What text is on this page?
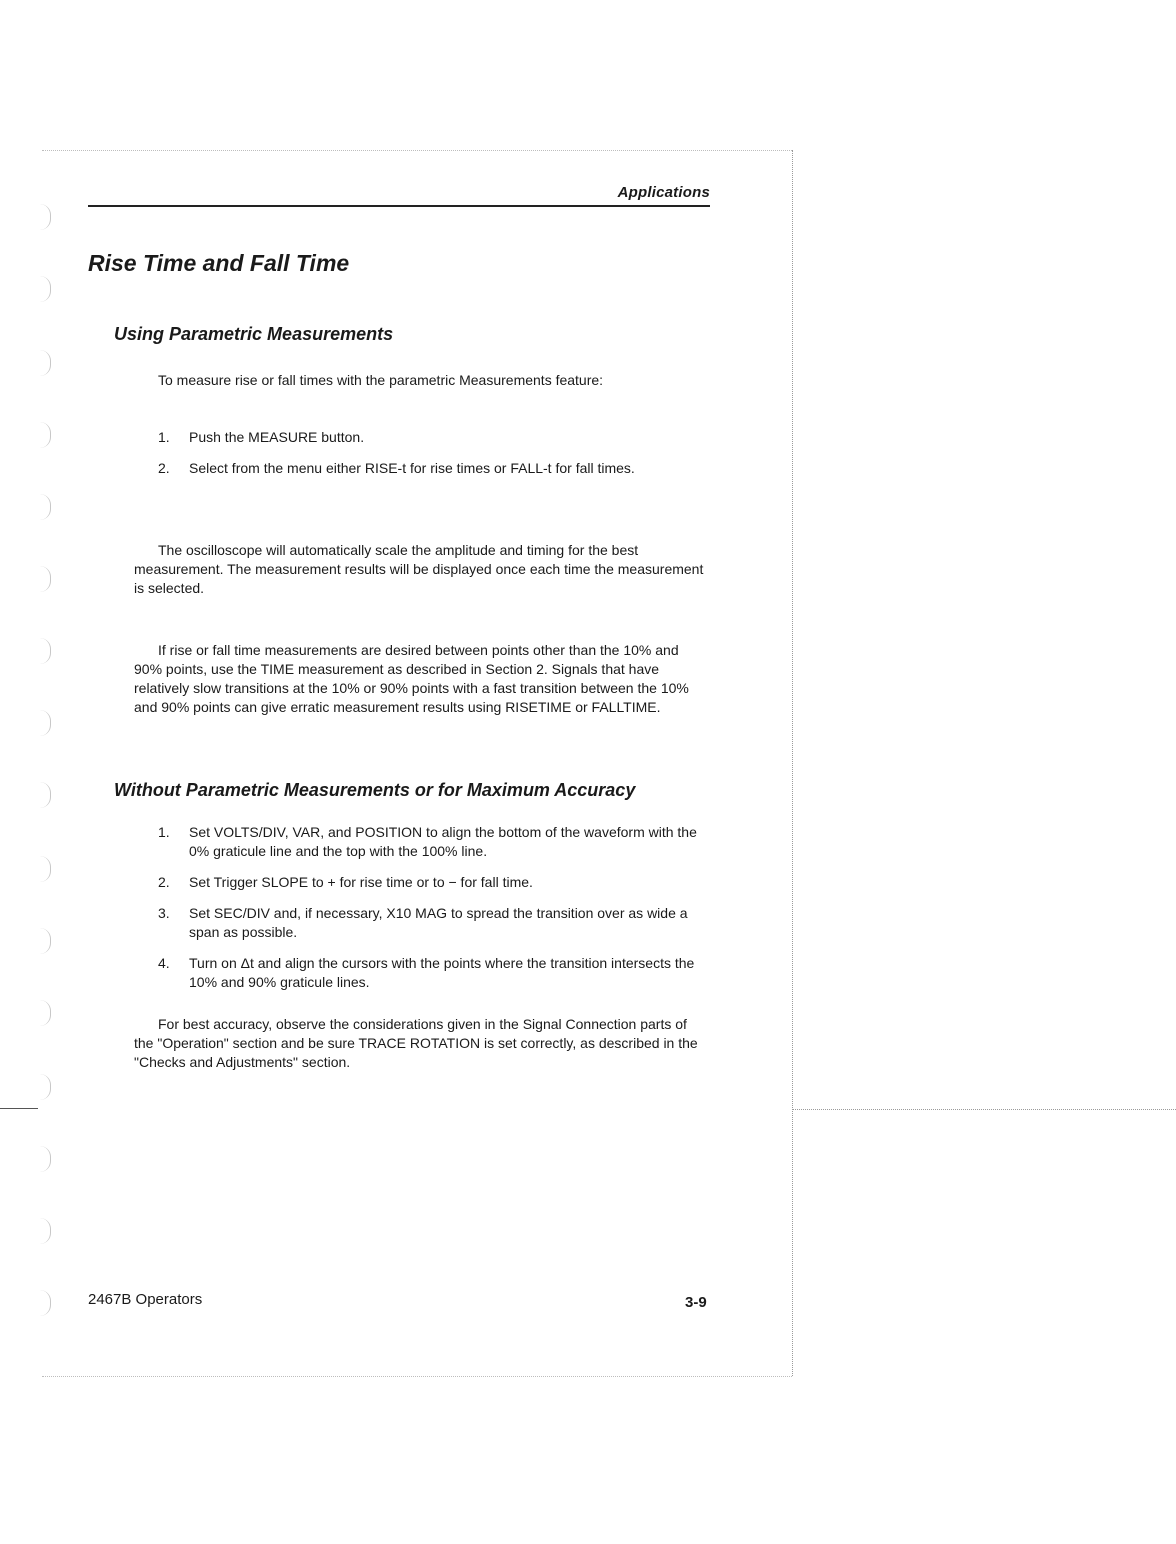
Applications
Rise Time and Fall Time
Using Parametric Measurements

To measure rise or fall times with the parametric Measurements feature:

1. Push the MEASURE button.
2. Select from the menu either RISE-t for rise times or FALL-t for fall times.

The oscilloscope will automatically scale the amplitude and timing for the best measurement. The measurement results will be displayed once each time the measurement is selected.

If rise or fall time measurements are desired between points other than the 10% and 90% points, use the TIME measurement as described in Section 2. Signals that have relatively slow transitions at the 10% or 90% points with a fast transition between the 10% and 90% points can give erratic measurement results using RISETIME or FALLTIME.

Without Parametric Measurements or for Maximum Accuracy
1. Set VOLTS/DIV, VAR, and POSITION to align the bottom of the waveform with the 0% graticule line and the top with the 100% line.
2. Set Trigger SLOPE to + for rise time or to − for fall time.
3. Set SEC/DIV and, if necessary, X10 MAG to spread the transition over as wide a span as possible.
4. Turn on Δt and align the cursors with the points where the transition intersects the 10% and 90% graticule lines.

For best accuracy, observe the considerations given in the Signal Connection parts of the "Operation" section and be sure TRACE ROTATION is set correctly, as described in the "Checks and Adjustments" section.

2467B Operators	3-9
